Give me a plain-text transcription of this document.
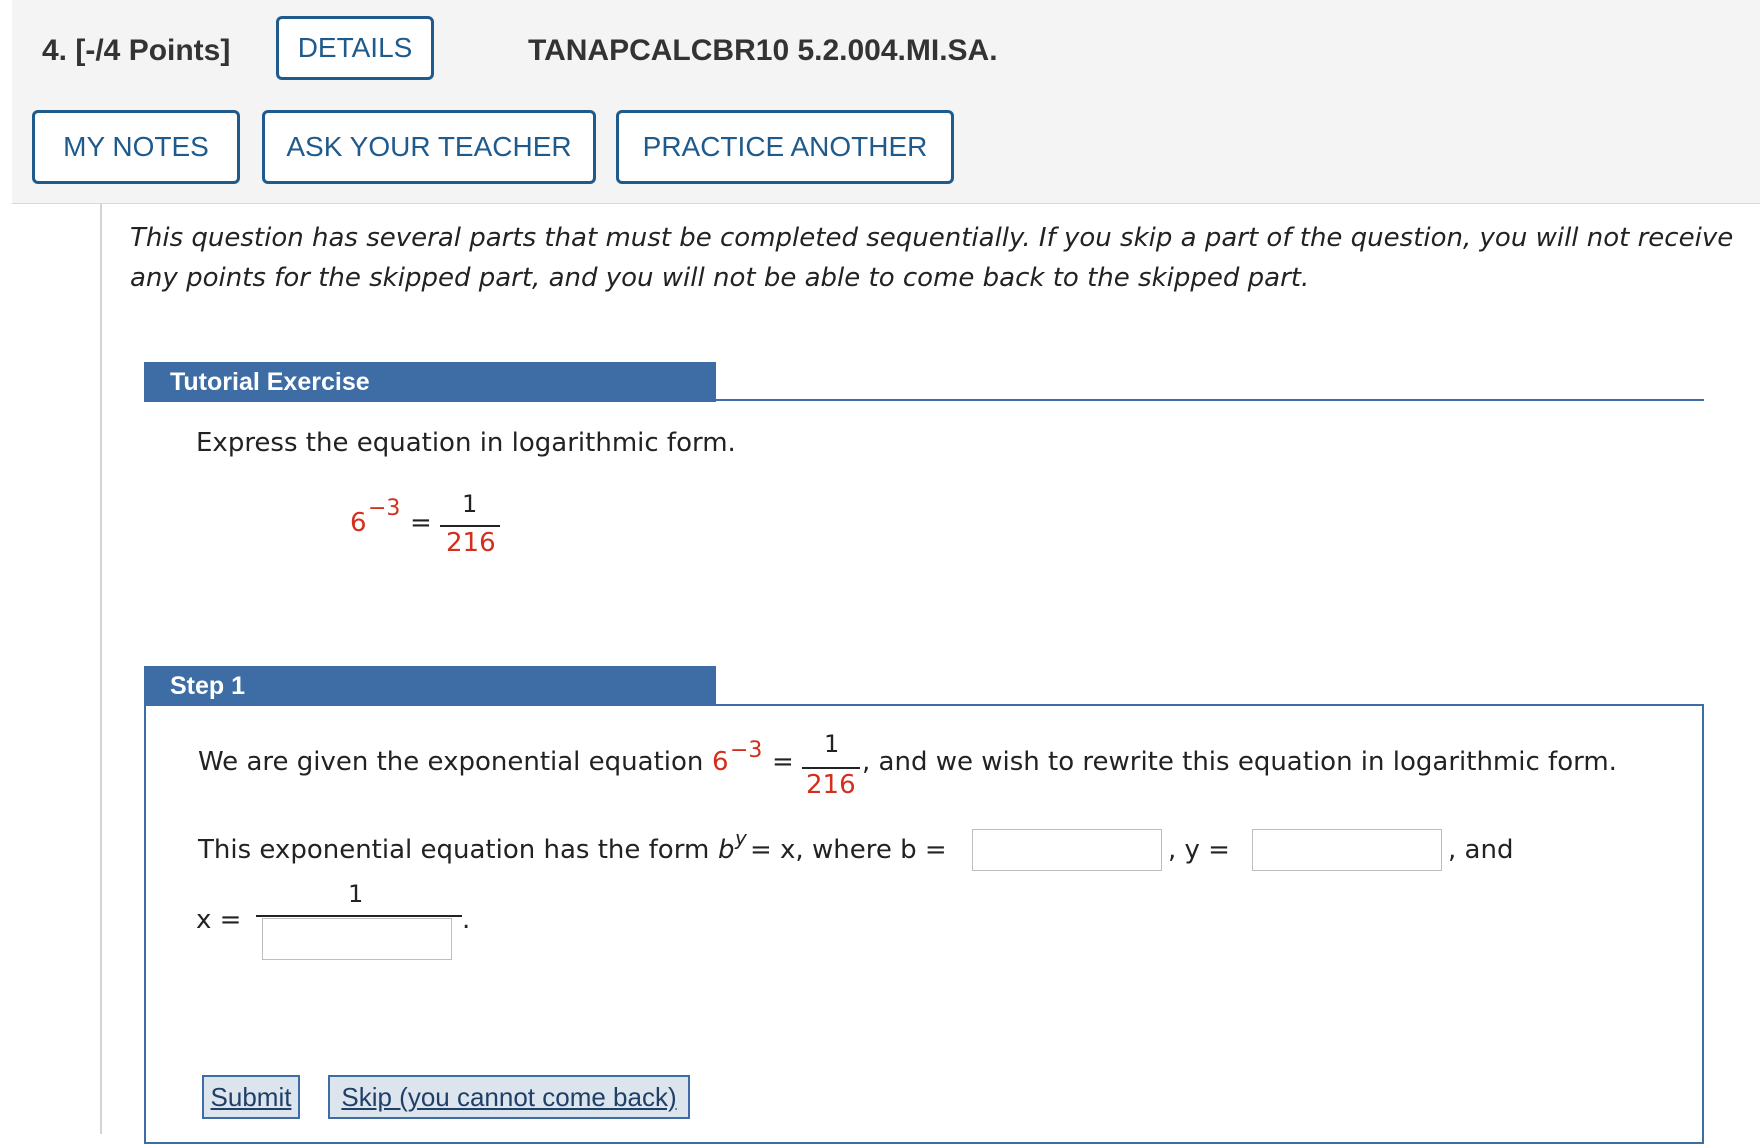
4. [-/4 Points]	DETAILS	TANAPCALCBR10 5.2.004.MI.SA.
MY NOTES	ASK YOUR TEACHER	PRACTICE ANOTHER
This question has several parts that must be completed sequentially. If you skip a part of the question, you will not receive
any points for the skipped part, and you will not be able to come back to the skipped part.
Tutorial Exercise
Express the equation in logarithmic form.
6 −3 =
1
216
Step 1
We are given the exponential equation 6 −3 =
1
216
, and we wish to rewrite this equation in logarithmic form.
This exponential equation has the form b y = x, where b =	, y =	, and
x =
1
.
Submit	Skip (you cannot come back)
